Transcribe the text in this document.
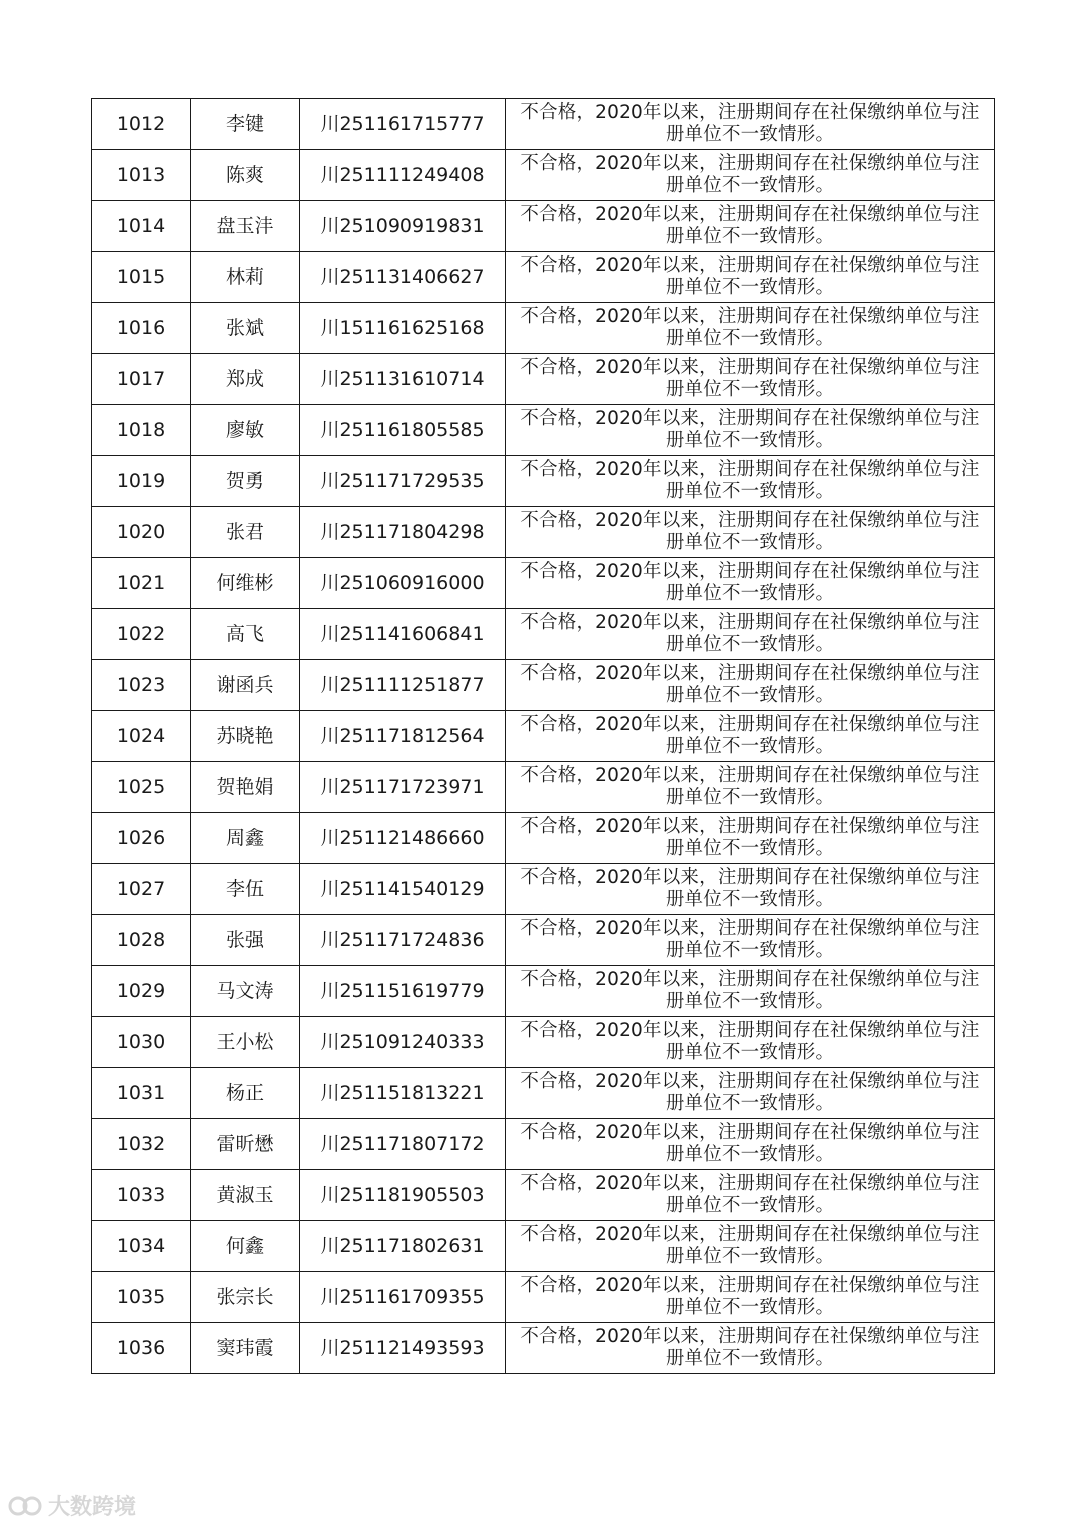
1012	李键	川251161715777	不合格，2020年以来，注册期间存在社保缴纳单位与注册单位不一致情形。

1013	陈爽	川251111249408	不合格，2020年以来，注册期间存在社保缴纳单位与注册单位不一致情形。

1014	盘玉沣	川251090919831	不合格，2020年以来，注册期间存在社保缴纳单位与注册单位不一致情形。

1015	林莉	川251131406627	不合格，2020年以来，注册期间存在社保缴纳单位与注册单位不一致情形。

1016	张斌	川151161625168	不合格，2020年以来，注册期间存在社保缴纳单位与注册单位不一致情形。

1017	郑成	川251131610714	不合格，2020年以来，注册期间存在社保缴纳单位与注册单位不一致情形。

1018	廖敏	川251161805585	不合格，2020年以来，注册期间存在社保缴纳单位与注册单位不一致情形。

1019	贺勇	川251171729535	不合格，2020年以来，注册期间存在社保缴纳单位与注册单位不一致情形。

1020	张君	川251171804298	不合格，2020年以来，注册期间存在社保缴纳单位与注册单位不一致情形。

1021	何维彬	川251060916000	不合格，2020年以来，注册期间存在社保缴纳单位与注册单位不一致情形。

1022	高飞	川251141606841	不合格，2020年以来，注册期间存在社保缴纳单位与注册单位不一致情形。

1023	谢函兵	川251111251877	不合格，2020年以来，注册期间存在社保缴纳单位与注册单位不一致情形。

1024	苏晓艳	川251171812564	不合格，2020年以来，注册期间存在社保缴纳单位与注册单位不一致情形。

1025	贺艳娟	川251171723971	不合格，2020年以来，注册期间存在社保缴纳单位与注册单位不一致情形。

1026	周鑫	川251121486660	不合格，2020年以来，注册期间存在社保缴纳单位与注册单位不一致情形。

1027	李伍	川251141540129	不合格，2020年以来，注册期间存在社保缴纳单位与注册单位不一致情形。

1028	张强	川251171724836	不合格，2020年以来，注册期间存在社保缴纳单位与注册单位不一致情形。

1029	马文涛	川251151619779	不合格，2020年以来，注册期间存在社保缴纳单位与注册单位不一致情形。

1030	王小松	川251091240333	不合格，2020年以来，注册期间存在社保缴纳单位与注册单位不一致情形。

1031	杨正	川251151813221	不合格，2020年以来，注册期间存在社保缴纳单位与注册单位不一致情形。

1032	雷昕懋	川251171807172	不合格，2020年以来，注册期间存在社保缴纳单位与注册单位不一致情形。

1033	黄淑玉	川251181905503	不合格，2020年以来，注册期间存在社保缴纳单位与注册单位不一致情形。

1034	何鑫	川251171802631	不合格，2020年以来，注册期间存在社保缴纳单位与注册单位不一致情形。

1035	张宗长	川251161709355	不合格，2020年以来，注册期间存在社保缴纳单位与注册单位不一致情形。

1036	窦玮霞	川251121493593	不合格，2020年以来，注册期间存在社保缴纳单位与注册单位不一致情形。
大数跨境
